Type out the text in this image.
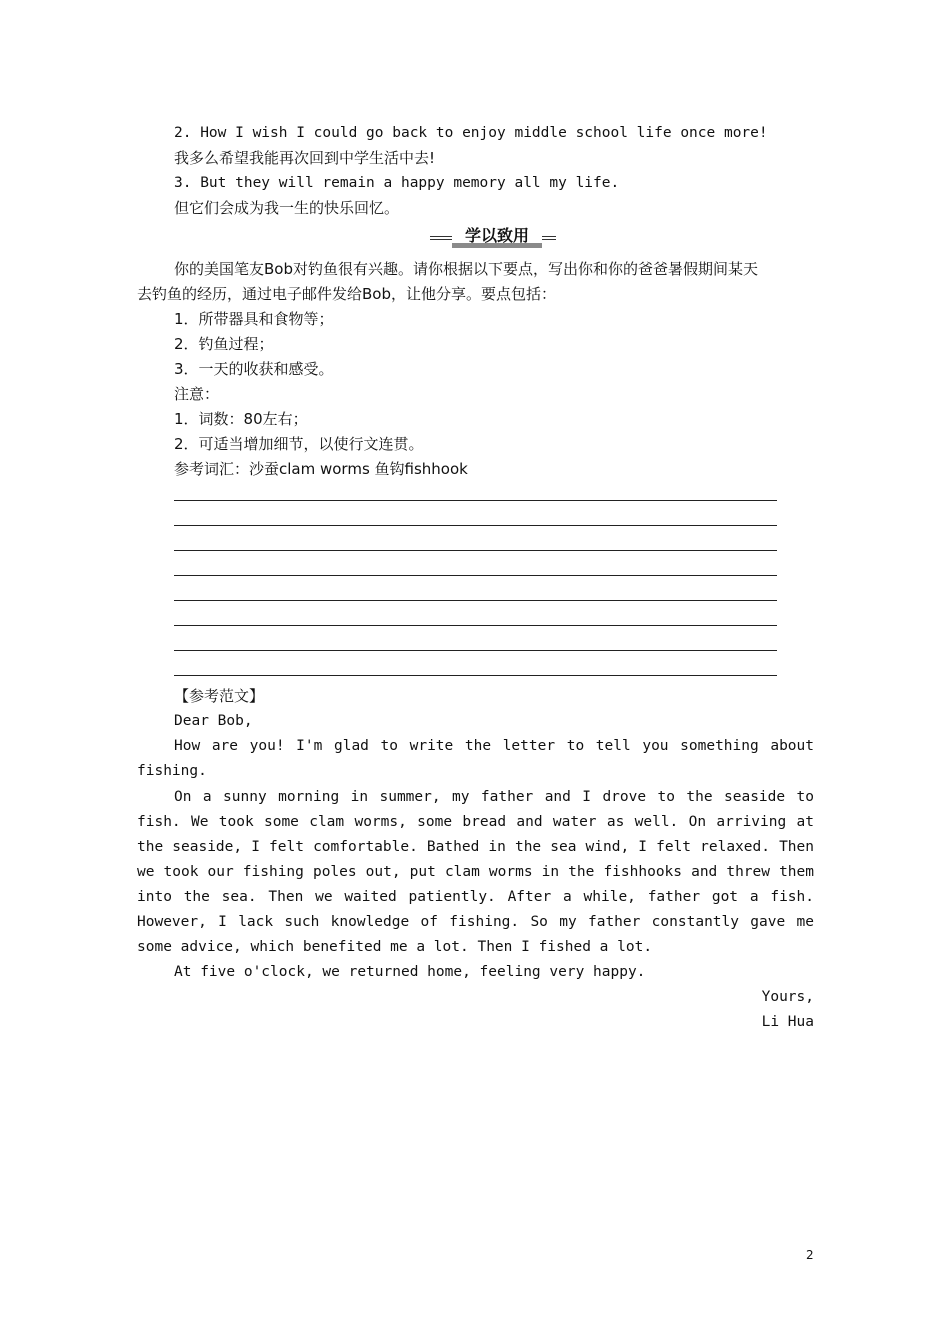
2. How I wish I could go back to enjoy middle school life once more!
我多么希望我能再次回到中学生活中去!
3. But they will remain a happy memory all my life.
但它们会成为我一生的快乐回忆。
学以致用
你的美国笔友Bob对钓鱼很有兴趣。请你根据以下要点，写出你和你的爸爸暑假期间某天
去钓鱼的经历，通过电子邮件发给Bob，让他分享。要点包括：
1．所带器具和食物等；
2．钓鱼过程；
3．一天的收获和感受。
注意：
1．词数：80左右；
2．可适当增加细节，以使行文连贯。
参考词汇：沙蚕clam worms 鱼钩fishhook
【参考范文】
Dear Bob,
How are you! I'm glad to write the letter to tell you something about fishing.
On a sunny morning in summer, my father and I drove to the seaside to fish. We took some clam worms, some bread and water as well. On arriving at the seaside, I felt comfortable. Bathed in the sea wind, I felt relaxed. Then we took our fishing poles out, put clam worms in the fishhooks and threw them into the sea. Then we waited patiently. After a while, father got a fish. However, I lack such knowledge of fishing. So my father constantly gave me some advice, which benefited me a lot. Then I fished a lot.
At five o'clock, we returned home, feeling very happy.
Yours,
Li Hua
2
